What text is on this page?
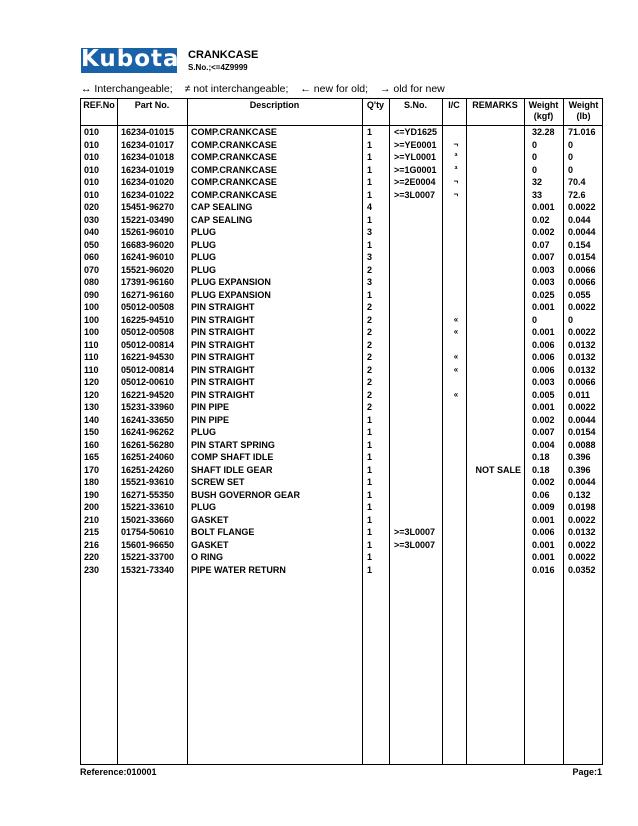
Kubota CRANKCASE
S.No.;<=4Z9999
↔ Interchangeable; ≠ not interchangeable; ← new for old; → old for new
REF.No	Part No.	Description	Q'ty	S.No.	I/C	REMARKS	Weight
(kgf)
Weight
(lb)
010 16234-01015 COMP.CRANKCASE	1 <=YD1625	32.28 71.016
010 16234-01017 COMP.CRANKCASE	1 >=YE0001	¬	0	0
010 16234-01018 COMP.CRANKCASE	1 >=YL0001	ª	0	0
010 16234-01019 COMP.CRANKCASE	1 >=1G0001	ª	0	0
010 16234-01020 COMP.CRANKCASE	1 >=2E0004	¬	32	70.4
010 16234-01022 COMP.CRANKCASE	1 >=3L0007	¬	33	72.6
020 15451-96270 CAP SEALING	4	0.001 0.0022
030 15221-03490 CAP SEALING	1	0.02 0.044
040 15261-96010 PLUG	3	0.002 0.0044
050 16683-96020 PLUG	1	0.07 0.154
060 16241-96010 PLUG	3	0.007 0.0154
070 15521-96020 PLUG	2	0.003 0.0066
080 17391-96160 PLUG EXPANSION	3	0.003 0.0066
090 16271-96160 PLUG EXPANSION	1	0.025 0.055
100 05012-00508 PIN STRAIGHT	2	0.001 0.0022
100 16225-94510 PIN STRAIGHT	2	«	0	0
100 05012-00508 PIN STRAIGHT	2	«	0.001 0.0022
110 05012-00814 PIN STRAIGHT	2	0.006 0.0132
110 16221-94530 PIN STRAIGHT	2	«	0.006 0.0132
110 05012-00814 PIN STRAIGHT	2	«	0.006 0.0132
120 05012-00610 PIN STRAIGHT	2	0.003 0.0066
120 16221-94520 PIN STRAIGHT	2	«	0.005 0.011
130 15231-33960 PIN PIPE	2	0.001 0.0022
140 16241-33650 PIN PIPE	1	0.002 0.0044
150 16241-96262 PLUG	1	0.007 0.0154
160 16261-56280 PIN START SPRING	1	0.004 0.0088
165 16251-24060 COMP SHAFT IDLE	1	0.18 0.396
170 16251-24260 SHAFT IDLE GEAR	1	NOT SALE 0.18 0.396
180 15521-93610 SCREW SET	1	0.002 0.0044
190 16271-55350 BUSH GOVERNOR GEAR	1	0.06 0.132
200 15221-33610 PLUG	1	0.009 0.0198
210 15021-33660 GASKET	1	0.001 0.0022
215 01754-50610 BOLT FLANGE	1 >=3L0007	0.006 0.0132
216 15601-96650 GASKET	1 >=3L0007	0.001 0.0022
220 15221-33700 O RING	1	0.001 0.0022
230 15321-73340 PIPE WATER RETURN	1	0.016 0.0352
Reference:010001	Page:1
